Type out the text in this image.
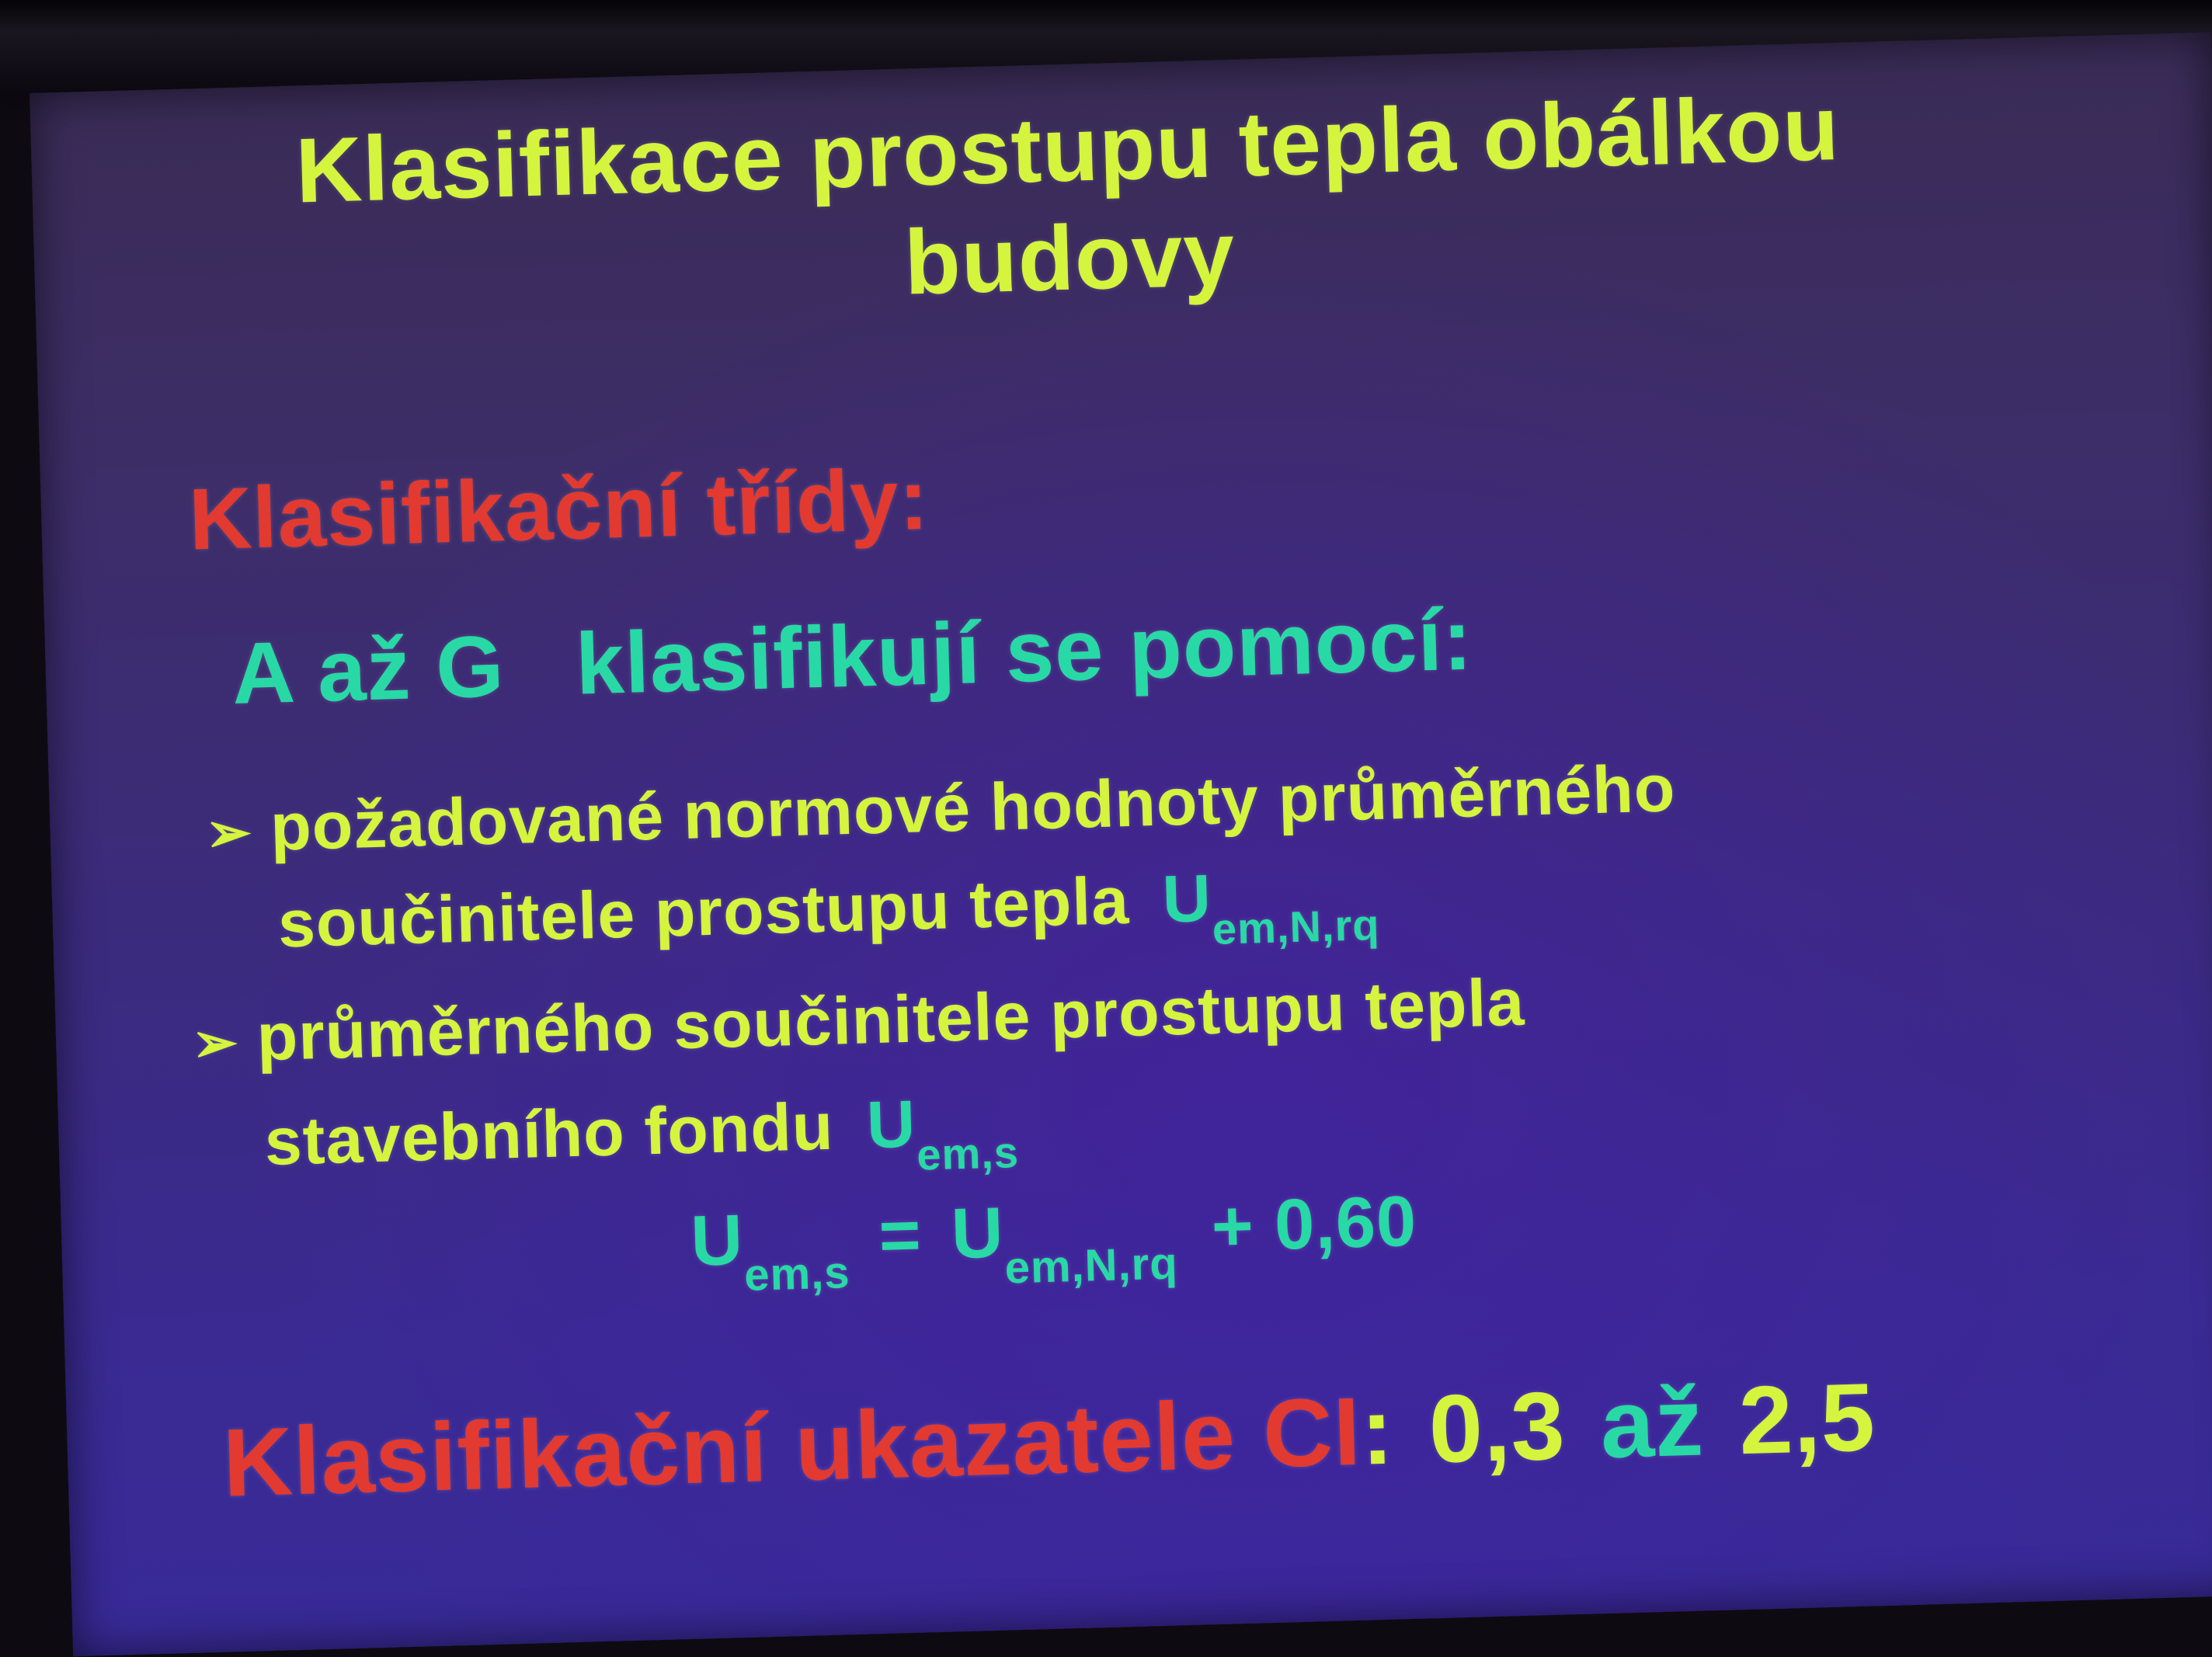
Klasifikace prostupu tepla obálkou
budovy
Klasifikační třídy:
A až G klasifikují se pomocí:
➢ požadované normové hodnoty průměrného
součinitele prostupu tepla $U_{em,N,rq}$
➢ průměrného součinitele prostupu tepla
stavebního fondu $U_{em,s}$
$U_{em,s} = U_{em,N,rq} + 0,60$
Klasifikační ukazatele CI: 0,3 až 2,5
